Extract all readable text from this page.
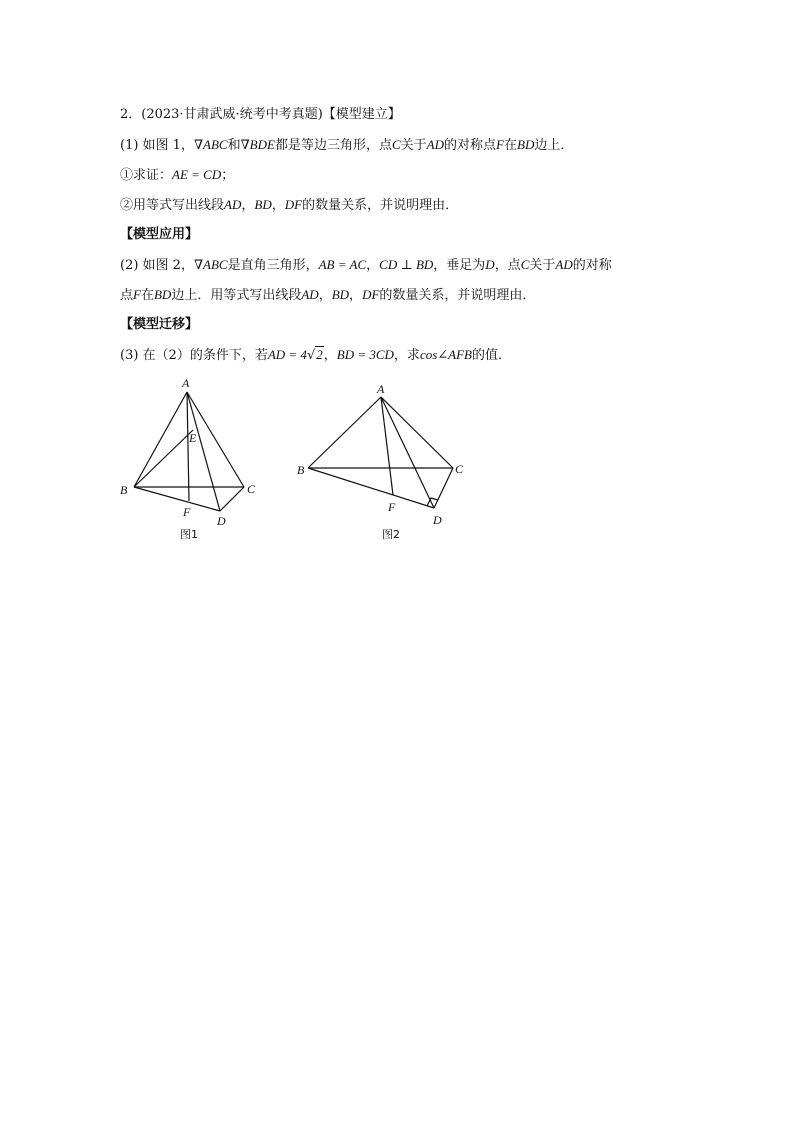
2．(2023·甘肃武威·统考中考真题)【模型建立】
(1) 如图 1，∇ABC和∇BDE都是等边三角形，点C关于AD的对称点F在BD边上．
①求证：AE = CD；
②用等式写出线段AD，BD，DF的数量关系，并说明理由．
【模型应用】
(2) 如图 2，∇ABC是直角三角形，AB = AC，CD ⊥ BD，垂足为D，点C关于AD的对称
点F在BD边上．用等式写出线段AD，BD，DF的数量关系，并说明理由．
【模型迁移】
(3) 在（2）的条件下，若AD = 4√2，BD = 3CD，求cos∠AFB的值．
A
E
B	C
F
D
图1
A
B	C
F
D
图2
